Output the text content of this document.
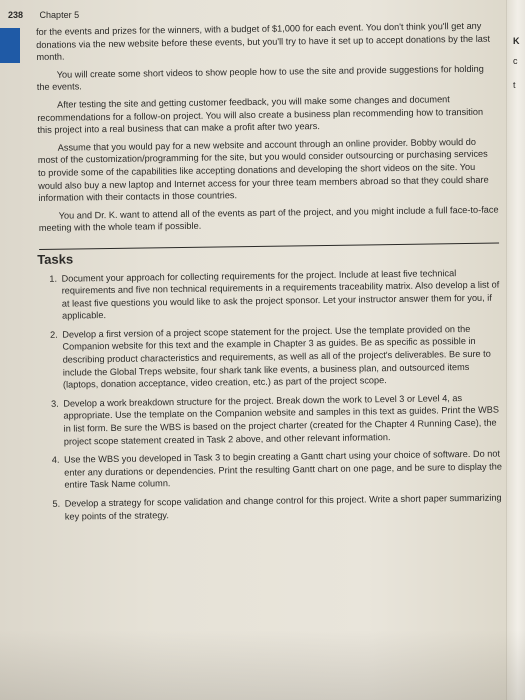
238 Chapter 5

for the events and prizes for the winners, with a budget of $1,000 for each event. You don't think you'll get any donations via the new website before these events, but you'll try to have it set up to accept donations by the last month.

You will create some short videos to show people how to use the site and provide suggestions for holding the events.

After testing the site and getting customer feedback, you will make some changes and document recommendations for a follow-on project. You will also create a business plan recommending how to transition this project into a real business that can make a profit after two years.

Assume that you would pay for a new website and account through an online provider. Bobby would do most of the customization/programming for the site, but you would consider outsourcing or purchasing services to provide some of the capabilities like accepting donations and developing the short videos on the site. You would also buy a new laptop and Internet access for your three team members abroad so that they could share information with their contacts in those countries.

You and Dr. K. want to attend all of the events as part of the project, and you might include a full face-to-face meeting with the whole team if possible.

Tasks
1. Document your approach for collecting requirements for the project. Include at least five technical requirements and five non technical requirements in a requirements traceability matrix. Also develop a list of at least five questions you would like to ask the project sponsor. Let your instructor answer them for you, if applicable.
2. Develop a first version of a project scope statement for the project. Use the template provided on the Companion website for this text and the example in Chapter 3 as guides. Be as specific as possible in describing product characteristics and requirements, as well as all of the project's deliverables. Be sure to include the Global Treps website, four shark tank like events, a business plan, and outsourced items (laptops, donation acceptance, video creation, etc.) as part of the project scope.
3. Develop a work breakdown structure for the project. Break down the work to Level 3 or Level 4, as appropriate. Use the template on the Companion website and samples in this text as guides. Print the WBS in list form. Be sure the WBS is based on the project charter (created for the Chapter 4 Running Case), the project scope statement created in Task 2 above, and other relevant information.
4. Use the WBS you developed in Task 3 to begin creating a Gantt chart using your choice of software. Do not enter any durations or dependencies. Print the resulting Gantt chart on one page, and be sure to display the entire Task Name column.
5. Develop a strategy for scope validation and change control for this project. Write a short paper summarizing key points of the strategy.
K
c
t
